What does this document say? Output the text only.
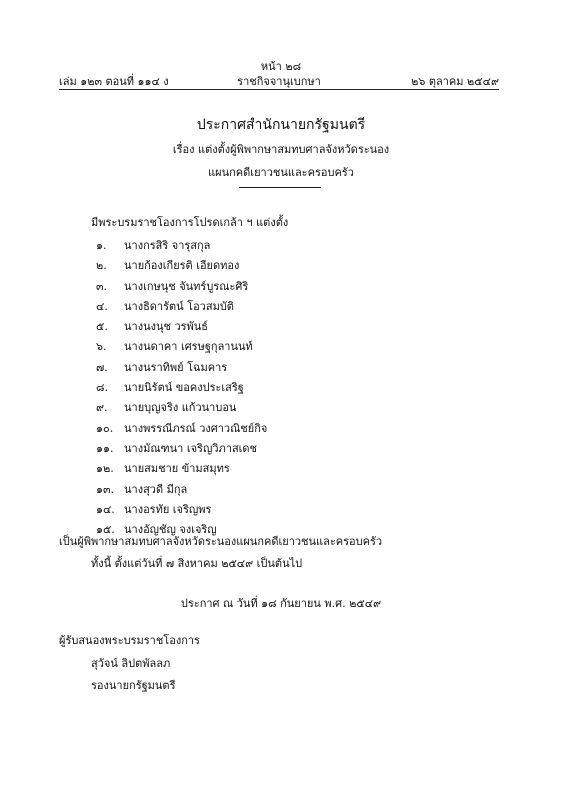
หน้า ๒๘
เล่ม ๑๒๓ ตอนที่ ๑๑๔ ง	ราชกิจจานุเบกษา	๒๖ ตุลาคม ๒๕๔๙
ประกาศสำนักนายกรัฐมนตรี
เรื่อง แต่งตั้งผู้พิพากษาสมทบศาลจังหวัดระนอง
แผนกคดีเยาวชนและครอบครัว
มีพระบรมราชโองการโปรดเกล้า ฯ แต่งตั้ง
๑. นางกรสิริ จารุสกุล
๒. นายก้องเกียรติ เอียดทอง
๓. นางเกษนุช จันทร์บูรณะศิริ
๔. นางธิดารัตน์ โอวสมบัติ
๕. นางนงนุช วรพันธ์
๖. นางนดาคา เศรษฐกุลานนท์
๗. นางนราทิพย์ โฉมคาร
๘. นายนิรัตน์ ขอคงประเสริฐ
๙. นายบุญจริง แก้วนาบอน
๑๐. นางพรรณีภรณ์ วงศาวณิชย์กิจ
๑๑. นางมัณฑนา เจริญวิภาสเดช
๑๒. นายสมชาย ข้ามสมุทร
๑๓. นางสุวดี มีกุล
๑๔. นางอรทัย เจริญพร
๑๕. นางอัญชัญ จงเจริญ
เป็นผู้พิพากษาสมทบศาลจังหวัดระนองแผนกคดีเยาวชนและครอบครัว
ทั้งนี้ ตั้งแต่วันที่ ๗ สิงหาคม ๒๕๔๙ เป็นต้นไป
ประกาศ ณ วันที่ ๑๘ กันยายน พ.ศ. ๒๕๔๙
ผู้รับสนองพระบรมราชโองการ
สุวัจน์ ลิปตพัลลภ
รองนายกรัฐมนตรี
